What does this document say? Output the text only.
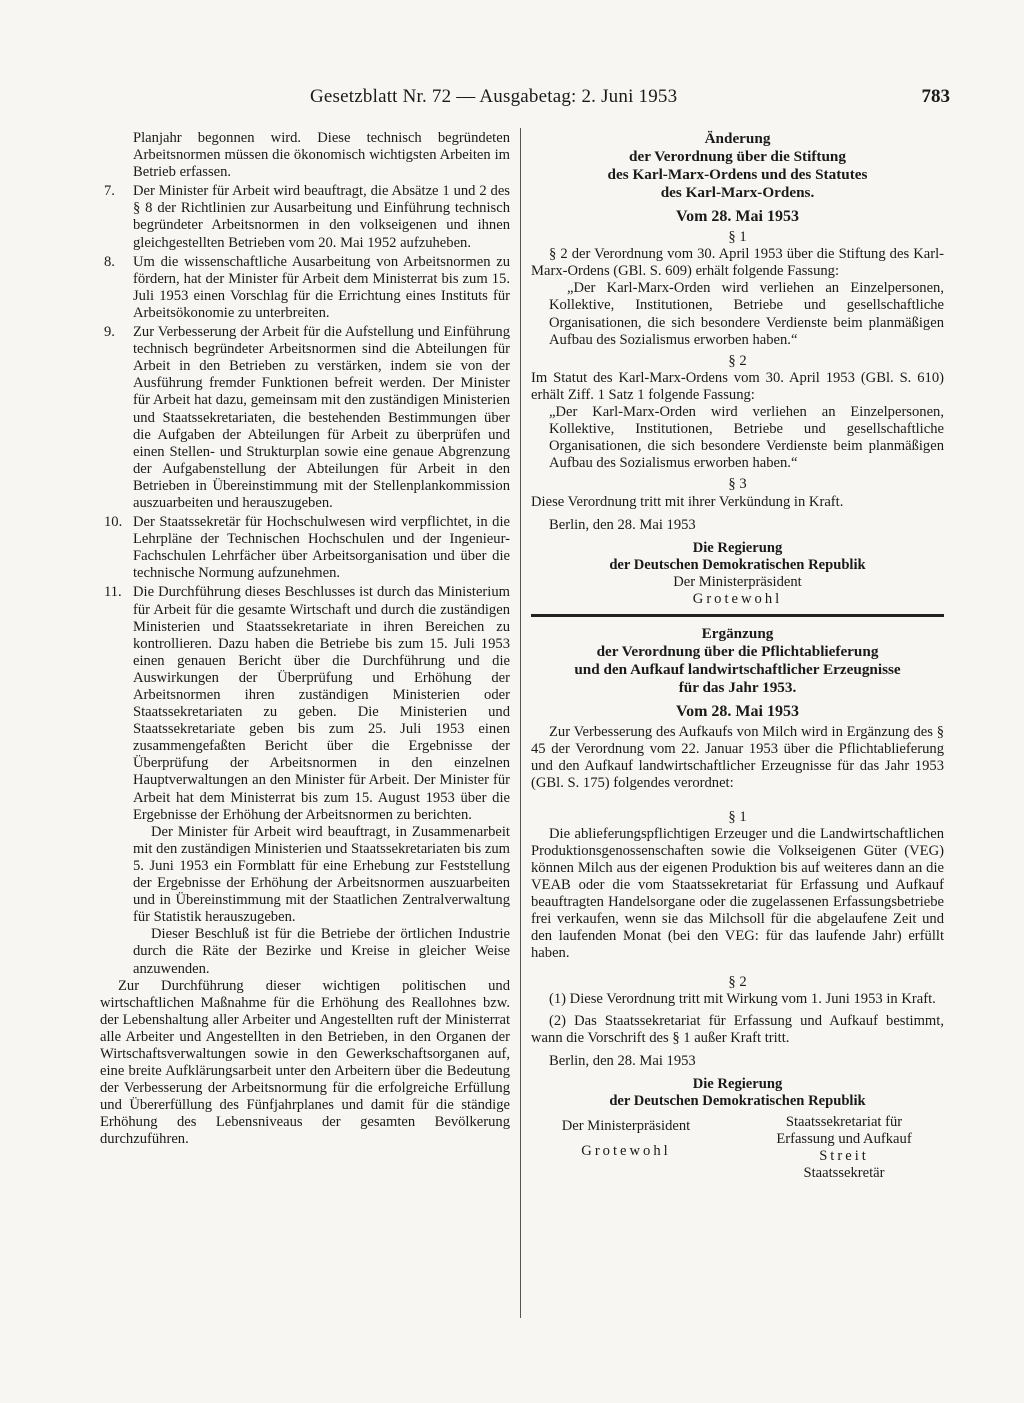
Gesetzblatt Nr. 72 — Ausgabetag: 2. Juni 1953	783

Planjahr begonnen wird. Diese technisch begründeten Arbeitsnormen müssen die ökonomisch wichtigsten Arbeiten im Betrieb erfassen.

7.	Der Minister für Arbeit wird beauftragt, die Absätze 1 und 2 des § 8 der Richtlinien zur Ausarbeitung und Einführung technisch begründeter Arbeitsnormen in den volkseigenen und ihnen gleichgestellten Betrieben vom 20. Mai 1952 aufzuheben.
8.	Um die wissenschaftliche Ausarbeitung von Arbeitsnormen zu fördern, hat der Minister für Arbeit dem Ministerrat bis zum 15. Juli 1953 einen Vorschlag für die Errichtung eines Instituts für Arbeitsökonomie zu unterbreiten.
9.	Zur Verbesserung der Arbeit für die Aufstellung und Einführung technisch begründeter Arbeitsnormen sind die Abteilungen für Arbeit in den Betrieben zu verstärken, indem sie von der Ausführung fremder Funktionen befreit werden. Der Minister für Arbeit hat dazu, gemeinsam mit den zuständigen Ministerien und Staatssekretariaten, die bestehenden Bestimmungen über die Aufgaben der Abteilungen für Arbeit zu überprüfen und einen Stellen- und Strukturplan sowie eine genaue Abgrenzung der Aufgabenstellung der Abteilungen für Arbeit in den Betrieben in Übereinstimmung mit der Stellenplankommission auszuarbeiten und herauszugeben.
10. Der Staatssekretär für Hochschulwesen wird verpflichtet, in die Lehrpläne der Technischen Hochschulen und der Ingenieur-Fachschulen Lehrfächer über Arbeitsorganisation und über die technische Normung aufzunehmen.
11. Die Durchführung dieses Beschlusses ist durch das Ministerium für Arbeit für die gesamte Wirtschaft und durch die zuständigen Ministerien und Staatssekretariate in ihren Bereichen zu kontrollieren. Dazu haben die Betriebe bis zum 15. Juli 1953 einen genauen Bericht über die Durchführung und die Auswirkungen der Überprüfung und Erhöhung der Arbeitsnormen ihren zuständigen Ministerien oder Staatssekretariaten zu geben. Die Ministerien und Staatssekretariate geben bis zum 25. Juli 1953 einen zusammengefaßten Bericht über die Ergebnisse der Überprüfung der Arbeitsnormen in den einzelnen Hauptverwaltungen an den Minister für Arbeit. Der Minister für Arbeit hat dem Ministerrat bis zum 15. August 1953 über die Ergebnisse der Erhöhung der Arbeitsnormen zu berichten.

Der Minister für Arbeit wird beauftragt, in Zusammenarbeit mit den zuständigen Ministerien und Staatssekretariaten bis zum 5. Juni 1953 ein Formblatt für eine Erhebung zur Feststellung der Ergebnisse der Erhöhung der Arbeitsnormen auszuarbeiten und in Übereinstimmung mit der Staatlichen Zentralverwaltung für Statistik herauszugeben.

Dieser Beschluß ist für die Betriebe der örtlichen Industrie durch die Räte der Bezirke und Kreise in gleicher Weise anzuwenden.

Zur Durchführung dieser wichtigen politischen und wirtschaftlichen Maßnahme für die Erhöhung des Reallohnes bzw. der Lebenshaltung aller Arbeiter und Angestellten ruft der Ministerrat alle Arbeiter und Angestellten in den Betrieben, in den Organen der Wirtschaftsverwaltungen sowie in den Gewerkschaftsorganen auf, eine breite Aufklärungsarbeit unter den Arbeitern über die Bedeutung der Verbesserung der Arbeitsnormung für die erfolgreiche Erfüllung und Übererfüllung des Fünfjahrplanes und damit für die ständige Erhöhung des Lebensniveaus der gesamten Bevölkerung durchzuführen.

Änderung
der Verordnung über die Stiftung
des Karl-Marx-Ordens und des Statutes
des Karl-Marx-Ordens.
Vom 28. Mai 1953
§ 1

§ 2 der Verordnung vom 30. April 1953 über die Stiftung des Karl-Marx-Ordens (GBl. S. 609) erhält folgende Fassung:

„Der Karl-Marx-Orden wird verliehen an Einzelpersonen, Kollektive, Institutionen, Betriebe und gesellschaftliche Organisationen, die sich besondere Verdienste beim planmäßigen Aufbau des Sozialismus erworben haben.“

§ 2

Im Statut des Karl-Marx-Ordens vom 30. April 1953 (GBl. S. 610) erhält Ziff. 1 Satz 1 folgende Fassung:

„Der Karl-Marx-Orden wird verliehen an Einzelpersonen, Kollektive, Institutionen, Betriebe und gesellschaftliche Organisationen, die sich besondere Verdienste beim planmäßigen Aufbau des Sozialismus erworben haben.“

§ 3

Diese Verordnung tritt mit ihrer Verkündung in Kraft.

Berlin, den 28. Mai 1953

Die Regierung
der Deutschen Demokratischen Republik
Der Ministerpräsident
Grotewohl
Ergänzung
der Verordnung über die Pflichtablieferung
und den Aufkauf landwirtschaftlicher Erzeugnisse
für das Jahr 1953.
Vom 28. Mai 1953

Zur Verbesserung des Aufkaufs von Milch wird in Ergänzung des § 45 der Verordnung vom 22. Januar 1953 über die Pflichtablieferung und den Aufkauf landwirtschaftlicher Erzeugnisse für das Jahr 1953 (GBl. S. 175) folgendes verordnet:

§ 1

Die ablieferungspflichtigen Erzeuger und die Landwirtschaftlichen Produktionsgenossenschaften sowie die Volkseigenen Güter (VEG) können Milch aus der eigenen Produktion bis auf weiteres dann an die VEAB oder die vom Staatssekretariat für Erfassung und Aufkauf beauftragten Handelsorgane oder die zugelassenen Erfassungsbetriebe frei verkaufen, wenn sie das Milchsoll für die abgelaufene Zeit und den laufenden Monat (bei den VEG: für das laufende Jahr) erfüllt haben.

§ 2

(1) Diese Verordnung tritt mit Wirkung vom 1. Juni 1953 in Kraft.

(2) Das Staatssekretariat für Erfassung und Aufkauf bestimmt, wann die Vorschrift des § 1 außer Kraft tritt.

Berlin, den 28. Mai 1953

Die Regierung
der Deutschen Demokratischen Republik
Der Ministerpräsident
Grotewohl
Staatssekretariat für
Erfassung und Aufkauf
Streit
Staatssekretär
